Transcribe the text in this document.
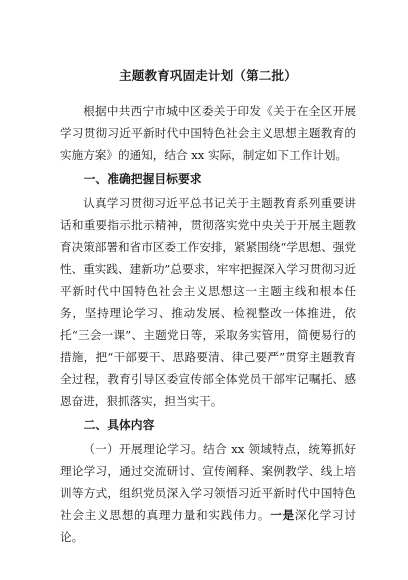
主题教育巩固走计划（第二批）

根据中共西宁市城中区委关于印发《关于在全区开展学习贯彻习近平新时代中国特色社会主义思想主题教育的实施方案》的通知，结合 xx 实际，制定如下工作计划。

一、准确把握目标要求

认真学习贯彻习近平总书记关于主题教育系列重要讲话和重要指示批示精神，贯彻落实党中央关于开展主题教育决策部署和省市区委工作安排，紧紧围绕“学思想、强党性、重实践、建新功”总要求，牢牢把握深入学习贯彻习近平新时代中国特色社会主义思想这一主题主线和根本任务，坚持理论学习、推动发展、检视整改一体推进，依托“三会一课”、主题党日等，采取务实管用，简便易行的措施，把“干部要干、思路要清、律己要严”贯穿主题教育全过程，教育引导区委宣传部全体党员干部牢记嘱托、感恩奋进，狠抓落实，担当实干。

二、具体内容

（一）开展理论学习。结合 xx 领域特点，统筹抓好理论学习，通过交流研讨、宣传阐释、案例教学、线上培训等方式，组织党员深入学习领悟习近平新时代中国特色社会主义思想的真理力量和实践伟力。一是深化学习讨论。
